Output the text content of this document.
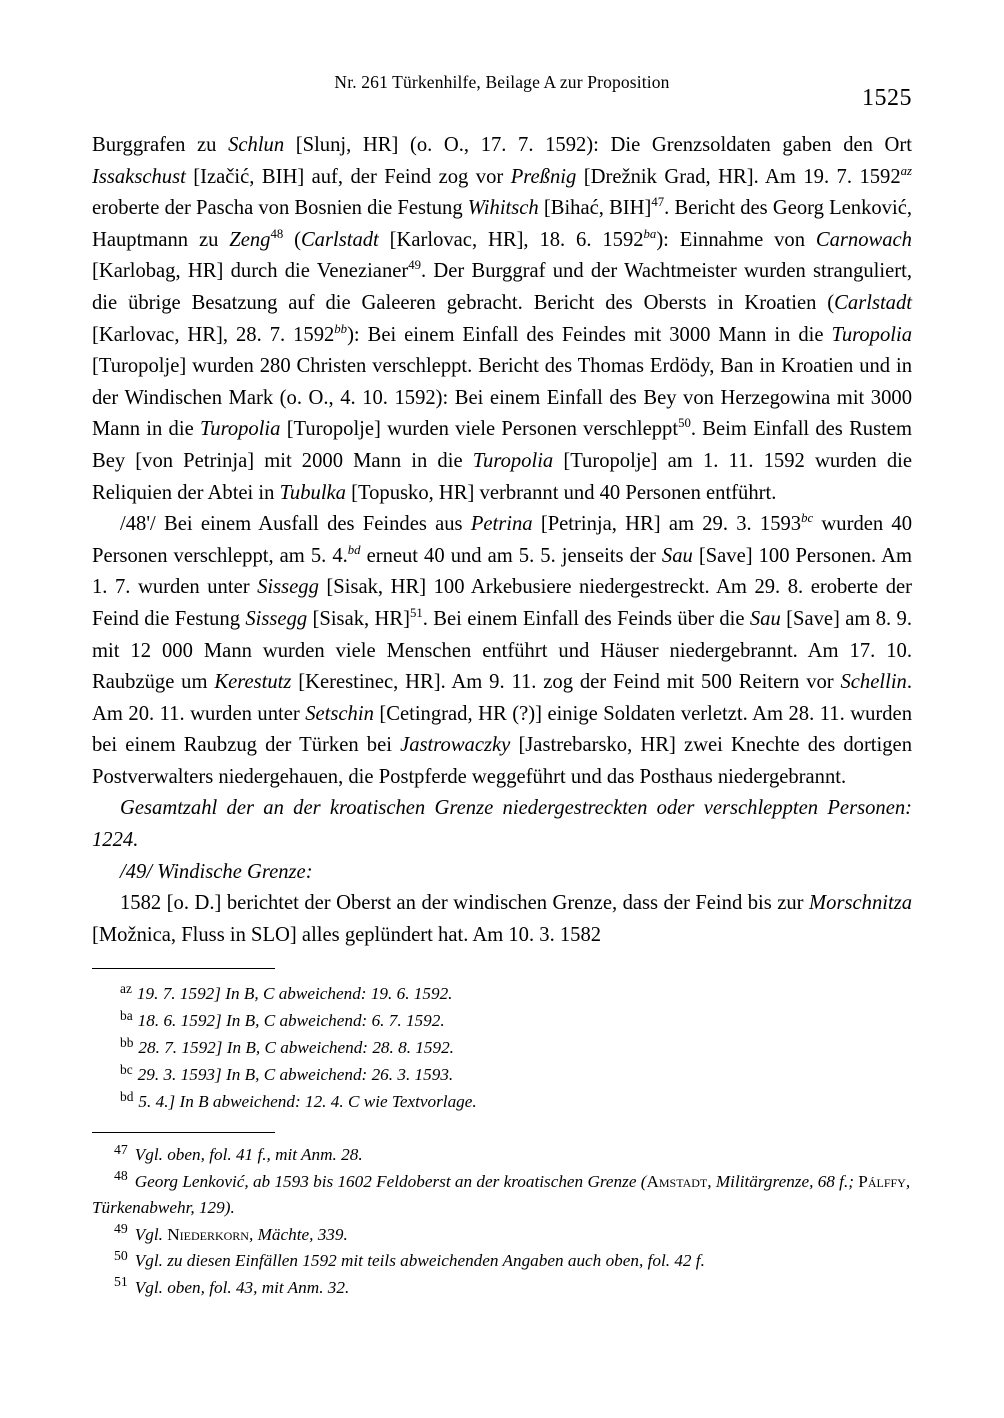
Nr. 261 Türkenhilfe, Beilage A zur Proposition
1525

Burggrafen zu Schlun [Slunj, HR] (o. O., 17. 7. 1592): Die Grenzsoldaten gaben den Ort Issakschust [Izačić, BIH] auf, der Feind zog vor Preßnig [Drežnik Grad, HR]. Am 19. 7. $1592^{az}$ eroberte der Pascha von Bosnien die Festung Wihitsch [Bihać, BIH]$^{47}$. Bericht des Georg Lenković, Hauptmann zu Zeng$^{48}$ (Carlstadt [Karlovac, HR], 18. 6. $1592^{ba}$): Einnahme von Carnowach [Karlobag, HR] durch die Venezianer$^{49}$. Der Burggraf und der Wachtmeister wurden stranguliert, die übrige Besatzung auf die Galeeren gebracht. Bericht des Obersts in Kroatien (Carlstadt [Karlovac, HR], 28. 7. $1592^{bb}$): Bei einem Einfall des Feindes mit 3000 Mann in die Turopolia [Turopolje] wurden 280 Christen verschleppt. Bericht des Thomas Erdödy, Ban in Kroatien und in der Windischen Mark (o. O., 4. 10. 1592): Bei einem Einfall des Bey von Herzegowina mit 3000 Mann in die Turopolia [Turopolje] wurden viele Personen verschleppt$^{50}$. Beim Einfall des Rustem Bey [von Petrinja] mit 2000 Mann in die Turopolia [Turopolje] am 1. 11. 1592 wurden die Reliquien der Abtei in Tubulka [Topusko, HR] verbrannt und 40 Personen entführt.

/48'/ Bei einem Ausfall des Feindes aus Petrina [Petrinja, HR] am 29. 3. $1593^{bc}$ wurden 40 Personen verschleppt, am 5. 4.$^{bd}$ erneut 40 und am 5. 5. jenseits der Sau [Save] 100 Personen. Am 1. 7. wurden unter Sissegg [Sisak, HR] 100 Arkebusiere niedergestreckt. Am 29. 8. eroberte der Feind die Festung Sissegg [Sisak, HR]$^{51}$. Bei einem Einfall des Feinds über die Sau [Save] am 8. 9. mit 12 000 Mann wurden viele Menschen entführt und Häuser niedergebrannt. Am 17. 10. Raubzüge um Kerestutz [Kerestinec, HR]. Am 9. 11. zog der Feind mit 500 Reitern vor Schellin. Am 20. 11. wurden unter Setschin [Cetingrad, HR (?)] einige Soldaten verletzt. Am 28. 11. wurden bei einem Raubzug der Türken bei Jastrowaczky [Jastrebarsko, HR] zwei Knechte des dortigen Postverwalters niedergehauen, die Postpferde weggeführt und das Posthaus niedergebrannt.

Gesamtzahl der an der kroatischen Grenze niedergestreckten oder verschleppten Personen: 1224.

/49/ Windische Grenze:

1582 [o. D.] berichtet der Oberst an der windischen Grenze, dass der Feind bis zur Morschnitza [Možnica, Fluss in SLO] alles geplündert hat. Am 10. 3. 1582

az 19. 7. 1592] In B, C abweichend: 19. 6. 1592.
ba 18. 6. 1592] In B, C abweichend: 6. 7. 1592.
bb 28. 7. 1592] In B, C abweichend: 28. 8. 1592.
bc 29. 3. 1593] In B, C abweichend: 26. 3. 1593.
bd 5. 4.] In B abweichend: 12. 4. C wie Textvorlage.
$^{47}$ Vgl. oben, fol. 41 f., mit Anm. 28.
$^{48}$ Georg Lenković, ab 1593 bis 1602 Feldoberst an der kroatischen Grenze (Amstadt, Militärgrenze, 68 f.; Pálffy, Türkenabwehr, 129).
$^{49}$ Vgl. Niederkorn, Mächte, 339.
$^{50}$ Vgl. zu diesen Einfällen 1592 mit teils abweichenden Angaben auch oben, fol. 42 f.
$^{51}$ Vgl. oben, fol. 43, mit Anm. 32.
